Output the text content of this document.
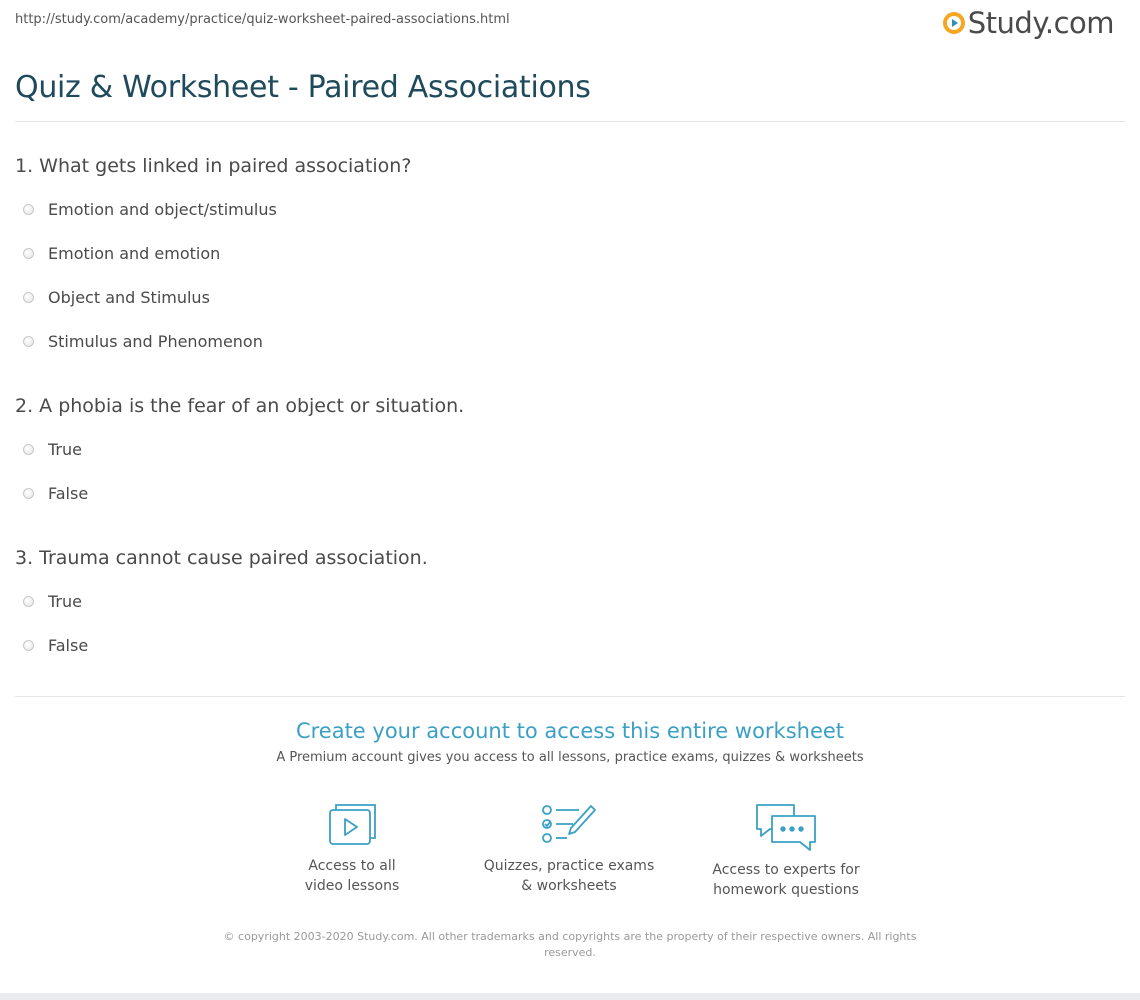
http://study.com/academy/practice/quiz-worksheet-paired-associations.html	Study.com
Quiz & Worksheet - Paired Associations
1. What gets linked in paired association?
Emotion and object/stimulus
Emotion and emotion
Object and Stimulus
Stimulus and Phenomenon
2. A phobia is the fear of an object or situation.
True
False
3. Trauma cannot cause paired association.
True
False
Create your account to access this entire worksheet
A Premium account gives you access to all lessons, practice exams, quizzes & worksheets
Access to all
video lessons
Quizzes, practice exams
& worksheets
Access to experts for
homework questions
© copyright 2003-2020 Study.com. All other trademarks and copyrights are the property of their respective owners. All rights reserved.
